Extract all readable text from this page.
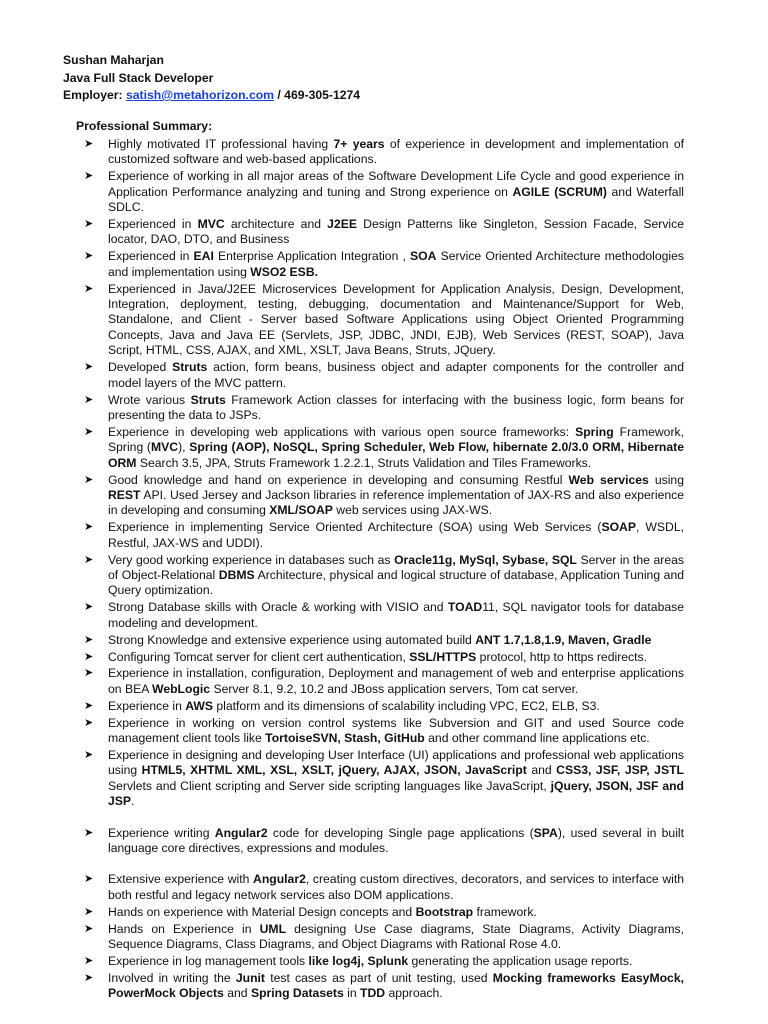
Sushan Maharjan
Java Full Stack Developer
Employer: satish@metahorizon.com / 469-305-1274
Professional Summary:
➤ Highly motivated IT professional having 7+ years of experience in development and implementation of customized software and web-based applications.
➤ Experience of working in all major areas of the Software Development Life Cycle and good experience in Application Performance analyzing and tuning and Strong experience on AGILE (SCRUM) and Waterfall SDLC.
➤ Experienced in MVC architecture and J2EE Design Patterns like Singleton, Session Facade, Service locator, DAO, DTO, and Business
➤ Experienced in EAI Enterprise Application Integration , SOA Service Oriented Architecture methodologies and implementation using WSO2 ESB.
➤ Experienced in Java/J2EE Microservices Development for Application Analysis, Design, Development, Integration, deployment, testing, debugging, documentation and Maintenance/Support for Web, Standalone, and Client - Server based Software Applications using Object Oriented Programming Concepts, Java and Java EE (Servlets, JSP, JDBC, JNDI, EJB), Web Services (REST, SOAP), Java Script, HTML, CSS, AJAX, and XML, XSLT, Java Beans, Struts, JQuery.
➤ Developed Struts action, form beans, business object and adapter components for the controller and model layers of the MVC pattern.
➤ Wrote various Struts Framework Action classes for interfacing with the business logic, form beans for presenting the data to JSPs.
➤ Experience in developing web applications with various open source frameworks: Spring Framework, Spring (MVC), Spring (AOP), NoSQL, Spring Scheduler, Web Flow, hibernate 2.0/3.0 ORM, Hibernate ORM Search 3.5, JPA, Struts Framework 1.2.2.1, Struts Validation and Tiles Frameworks.
➤ Good knowledge and hand on experience in developing and consuming Restful Web services using REST API. Used Jersey and Jackson libraries in reference implementation of JAX-RS and also experience in developing and consuming XML/SOAP web services using JAX-WS.
➤ Experience in implementing Service Oriented Architecture (SOA) using Web Services (SOAP, WSDL, Restful, JAX-WS and UDDI).
➤ Very good working experience in databases such as Oracle11g, MySql, Sybase, SQL Server in the areas of Object-Relational DBMS Architecture, physical and logical structure of database, Application Tuning and Query optimization.
➤ Strong Database skills with Oracle & working with VISIO and TOAD11, SQL navigator tools for database modeling and development.
➤ Strong Knowledge and extensive experience using automated build ANT 1.7,1.8,1.9, Maven, Gradle
➤ Configuring Tomcat server for client cert authentication, SSL/HTTPS protocol, http to https redirects.
➤ Experience in installation, configuration, Deployment and management of web and enterprise applications on BEA WebLogic Server 8.1, 9.2, 10.2 and JBoss application servers, Tom cat server.
➤ Experience in AWS platform and its dimensions of scalability including VPC, EC2, ELB, S3.
➤ Experience in working on version control systems like Subversion and GIT and used Source code management client tools like TortoiseSVN, Stash, GitHub and other command line applications etc.
➤ Experience in designing and developing User Interface (UI) applications and professional web applications using HTML5, XHTML XML, XSL, XSLT, jQuery, AJAX, JSON, JavaScript and CSS3, JSF, JSP, JSTL Servlets and Client scripting and Server side scripting languages like JavaScript, jQuery, JSON, JSF and JSP.
➤ Experience writing Angular2 code for developing Single page applications (SPA), used several in built language core directives, expressions and modules.
➤ Extensive experience with Angular2, creating custom directives, decorators, and services to interface with both restful and legacy network services also DOM applications.
➤ Hands on experience with Material Design concepts and Bootstrap framework.
➤ Hands on Experience in UML designing Use Case diagrams, State Diagrams, Activity Diagrams, Sequence Diagrams, Class Diagrams, and Object Diagrams with Rational Rose 4.0.
➤ Experience in log management tools like log4j, Splunk generating the application usage reports.
➤ Involved in writing the Junit test cases as part of unit testing, used Mocking frameworks EasyMock, PowerMock Objects and Spring Datasets in TDD approach.
